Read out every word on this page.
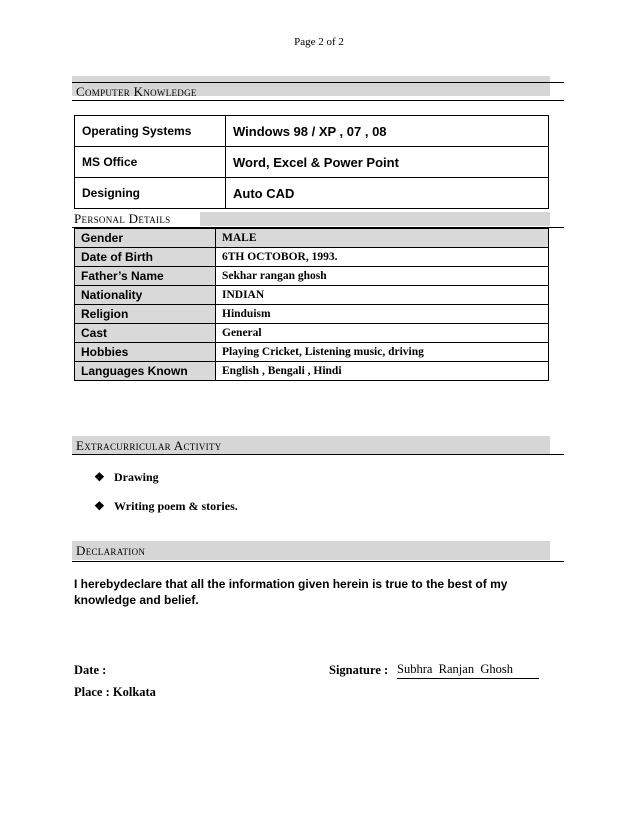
Page 2 of 2
Computer Knowledge
Operating Systems	Windows 98 / XP , 07 , 08
MS Office	Word, Excel & Power Point
Designing	Auto CAD
Personal Details
Gender	MALE
Date of Birth	6TH OCTOBOR, 1993.
Father’s Name	Sekhar rangan ghosh
Nationality	INDIAN
Religion	Hinduism
Cast	General
Hobbies	Playing Cricket, Listening music, driving
Languages Known	English , Bengali , Hindi
Extracurricular Activity
❖ Drawing
❖ Writing poem & stories.
Declaration
I herebydeclare that all the information given herein is true to the best of my knowledge and belief.
Date :
Place : Kolkata
Signature : Subhra  Ranjan  Ghosh
